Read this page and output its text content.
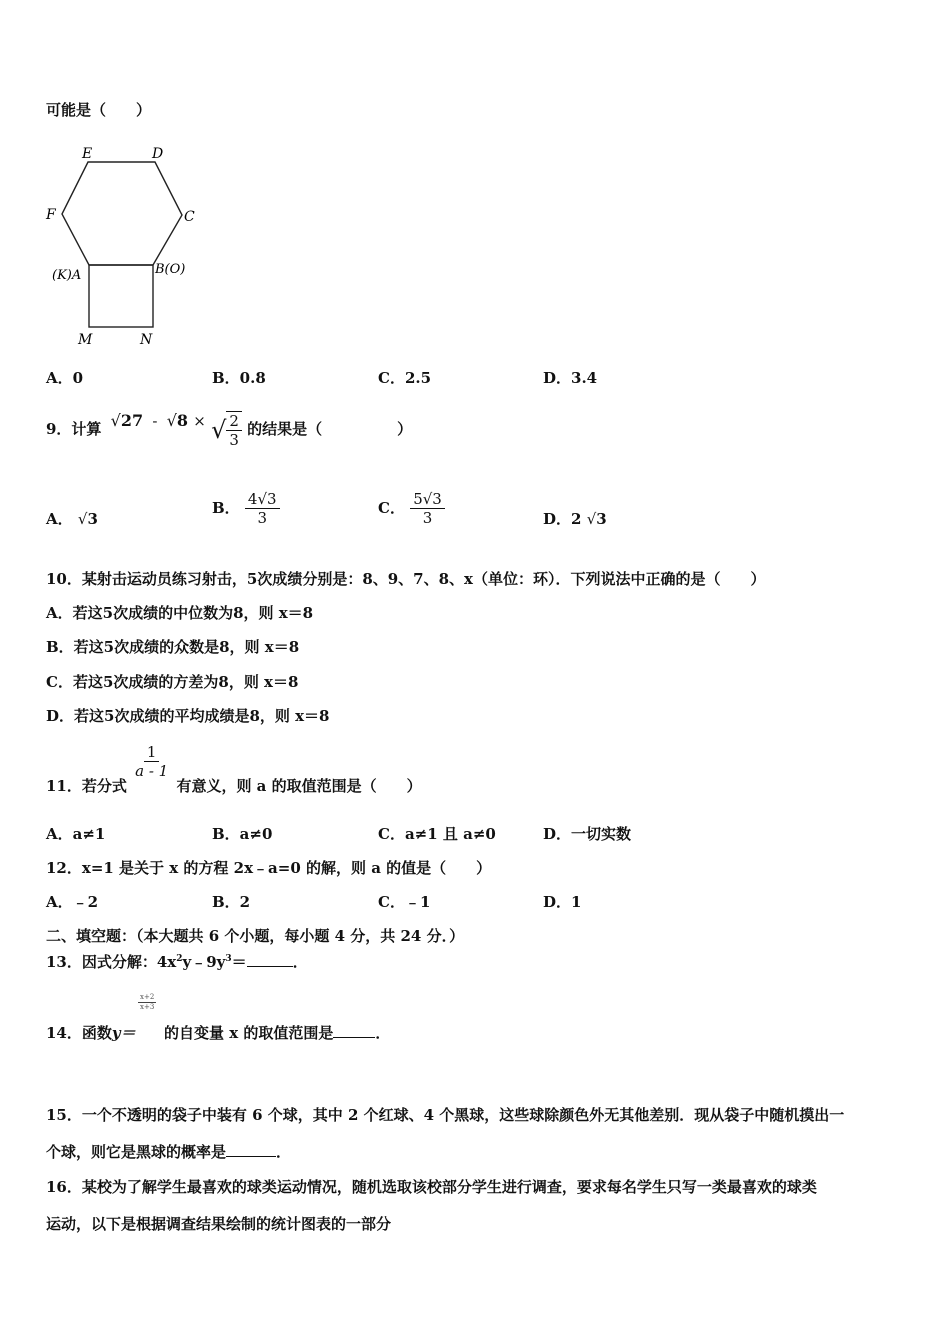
可能是（　　）
E	D
F	C
(K)A	B(O)
M	N
A．0	B．0.8	C．2.5	D．3.4
9．计算 √27 - √8 × √ $\frac{2}{3}$ 的结果是（　　　　　）
A． √3
B． $\frac{4√3}{3}$	C． $\frac{5√3}{3}$	D．2 √3
10．某射击运动员练习射击，5次成绩分别是：8、9、7、8、x（单位：环）．下列说法中正确的是（　　）
A．若这5次成绩的中位数为8，则 x＝8
B．若这5次成绩的众数是8，则 x＝8
C．若这5次成绩的方差为8，则 x＝8
D．若这5次成绩的平均成绩是8，则 x＝8
11．若分式
$\frac{1}{a - 1}$
有意义，则 a 的取值范围是（　　）
A．a≠1	B．a≠0	C．a≠1 且 a≠0	D．一切实数
12．x=1 是关于 x 的方程 2x﹣a=0 的解，则 a 的值是（　　）
A．﹣2	B．2	C．﹣1	D．1
二、填空题：（本大题共 6 个小题，每小题 4 分，共 24 分．）
13．因式分解：$4x^2y﹣9y^3=$	．
14．函数y＝
$\frac{x+2}{x+3}$
的自变量 x 的取值范围是	．
15．一个不透明的袋子中装有 6 个球，其中 2 个红球、4 个黑球，这些球除颜色外无其他差别．现从袋子中随机摸出一
个球，则它是黑球的概率是	．
16．某校为了解学生最喜欢的球类运动情况，随机选取该校部分学生进行调查，要求每名学生只写一类最喜欢的球类
运动，以下是根据调查结果绘制的统计图表的一部分
